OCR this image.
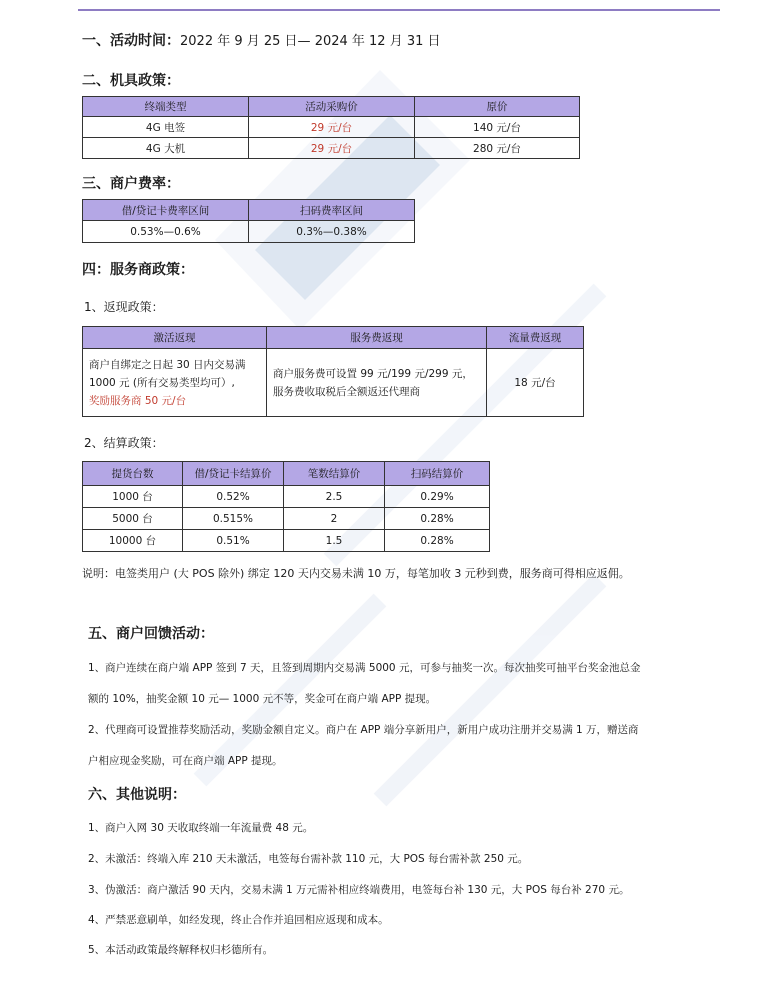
一、活动时间：2022 年 9 月 25 日— 2024 年 12 月 31 日
二、机具政策：
终端类型	活动采购价	原价
4G 电签	29 元/台	140 元/台
4G 大机	29 元/台	280 元/台
三、商户费率：
借/贷记卡费率区间	扫码费率区间
0.53%—0.6%	0.3%—0.38%
四：服务商政策：
1、返现政策：
激活返现	服务费返现	流量费返现
商户自绑定之日起 30 日内交易满 1000 元 (所有交易类型均可）,
奖励服务商 50 元/台	商户服务费可设置 99 元/199 元/299 元，服务费收取税后全额返还代理商	18 元/台
2、结算政策：
提货台数	借/贷记卡结算价	笔数结算价	扫码结算价
1000 台	0.52%	2.5	0.29%
5000 台	0.515%	2	0.28%
10000 台	0.51%	1.5	0.28%
说明：电签类用户 (大 POS 除外) 绑定 120 天内交易未满 10 万，每笔加收 3 元秒到费，服务商可得相应返佣。
五、商户回馈活动：
1、商户连续在商户端 APP 签到 7 天，且签到周期内交易满 5000 元，可参与抽奖一次。每次抽奖可抽平台奖金池总金
额的 10%，抽奖金额 10 元— 1000 元不等，奖金可在商户端 APP 提现。
2、代理商可设置推荐奖励活动，奖励金额自定义。商户在 APP 端分享新用户，新用户成功注册并交易满 1 万，赠送商
户相应现金奖励，可在商户端 APP 提现。
六、其他说明：
1、商户入网 30 天收取终端一年流量费 48 元。
2、未激活：终端入库 210 天未激活，电签每台需补款 110 元，大 POS 每台需补款 250 元。
3、伪激活：商户激活 90 天内，交易未满 1 万元需补相应终端费用，电签每台补 130 元，大 POS 每台补 270 元。
4、严禁恶意刷单，如经发现，终止合作并追回相应返现和成本。
5、本活动政策最终解释权归杉德所有。
